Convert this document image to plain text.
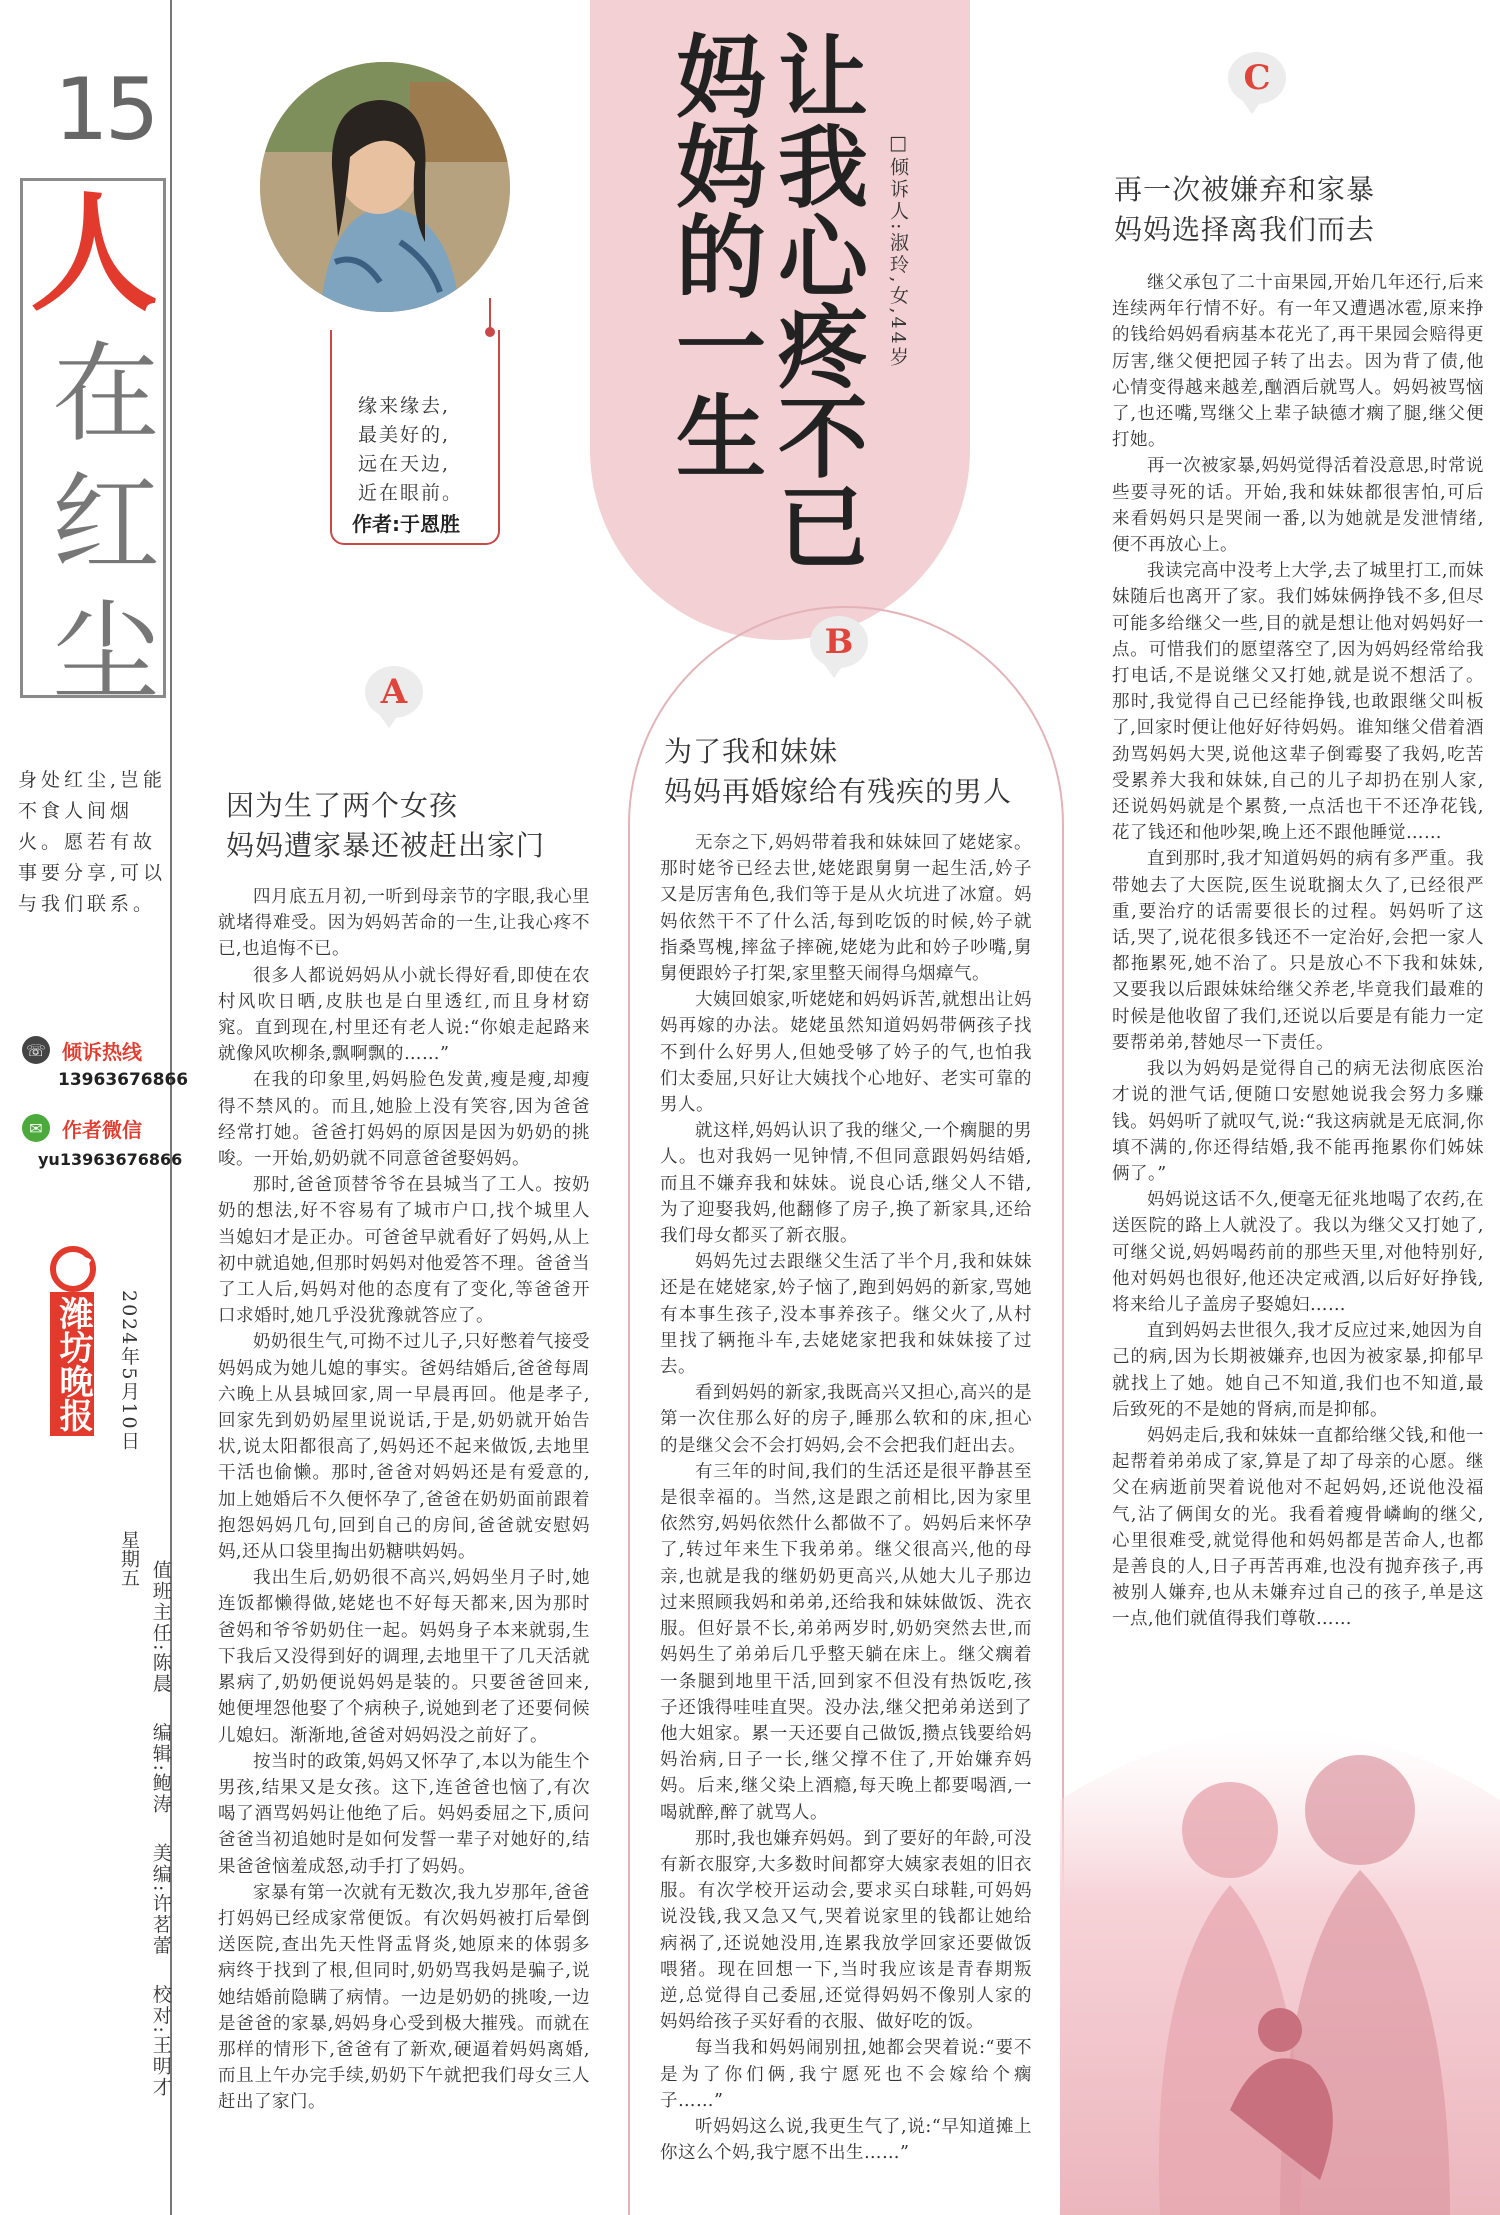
15
人
在红尘
身处红尘,岂能不食人间烟火。愿若有故事要分享,可以与我们联系。
☏ 倾诉热线
13963676866
✉ 作者微信
yu13963676866
潍坊晚报 2024年5月10日
星期五
值班主任:陈晨 编辑:鲍涛 美编:许茗蕾 校对:王明才
缘来缘去,
最美好的,
远在天边,
近在眼前。
作者:于恩胜	让我心疼不已
妈妈的一生	□倾诉人:淑玲,女,44岁
A
因为生了两个女孩
妈妈遭家暴还被赶出家门

四月底五月初,一听到母亲节的字眼,我心里就堵得难受。因为妈妈苦命的一生,让我心疼不已,也追悔不已。

很多人都说妈妈从小就长得好看,即使在农村风吹日晒,皮肤也是白里透红,而且身材窈窕。直到现在,村里还有老人说:“你娘走起路来就像风吹柳条,飘啊飘的……”

在我的印象里,妈妈脸色发黄,瘦是瘦,却瘦得不禁风的。而且,她脸上没有笑容,因为爸爸经常打她。爸爸打妈妈的原因是因为奶奶的挑唆。一开始,奶奶就不同意爸爸娶妈妈。

那时,爸爸顶替爷爷在县城当了工人。按奶奶的想法,好不容易有了城市户口,找个城里人当媳妇才是正办。可爸爸早就看好了妈妈,从上初中就追她,但那时妈妈对他爱答不理。爸爸当了工人后,妈妈对他的态度有了变化,等爸爸开口求婚时,她几乎没犹豫就答应了。

奶奶很生气,可拗不过儿子,只好憋着气接受妈妈成为她儿媳的事实。爸妈结婚后,爸爸每周六晚上从县城回家,周一早晨再回。他是孝子,回家先到奶奶屋里说说话,于是,奶奶就开始告状,说太阳都很高了,妈妈还不起来做饭,去地里干活也偷懒。那时,爸爸对妈妈还是有爱意的,加上她婚后不久便怀孕了,爸爸在奶奶面前跟着抱怨妈妈几句,回到自己的房间,爸爸就安慰妈妈,还从口袋里掏出奶糖哄妈妈。

我出生后,奶奶很不高兴,妈妈坐月子时,她连饭都懒得做,姥姥也不好每天都来,因为那时爸妈和爷爷奶奶住一起。妈妈身子本来就弱,生下我后又没得到好的调理,去地里干了几天活就累病了,奶奶便说妈妈是装的。只要爸爸回来,她便埋怨他娶了个病秧子,说她到老了还要伺候儿媳妇。渐渐地,爸爸对妈妈没之前好了。

按当时的政策,妈妈又怀孕了,本以为能生个男孩,结果又是女孩。这下,连爸爸也恼了,有次喝了酒骂妈妈让他绝了后。妈妈委屈之下,质问爸爸当初追她时是如何发誓一辈子对她好的,结果爸爸恼羞成怒,动手打了妈妈。

家暴有第一次就有无数次,我九岁那年,爸爸打妈妈已经成家常便饭。有次妈妈被打后晕倒送医院,查出先天性肾盂肾炎,她原来的体弱多病终于找到了根,但同时,奶奶骂我妈是骗子,说她结婚前隐瞒了病情。一边是奶奶的挑唆,一边是爸爸的家暴,妈妈身心受到极大摧残。而就在那样的情形下,爸爸有了新欢,硬逼着妈妈离婚,而且上午办完手续,奶奶下午就把我们母女三人赶出了家门。

B
为了我和妹妹
妈妈再婚嫁给有残疾的男人

无奈之下,妈妈带着我和妹妹回了姥姥家。那时姥爷已经去世,姥姥跟舅舅一起生活,妗子又是厉害角色,我们等于是从火坑进了冰窟。妈妈依然干不了什么活,每到吃饭的时候,妗子就指桑骂槐,摔盆子摔碗,姥姥为此和妗子吵嘴,舅舅便跟妗子打架,家里整天闹得乌烟瘴气。

大姨回娘家,听姥姥和妈妈诉苦,就想出让妈妈再嫁的办法。姥姥虽然知道妈妈带俩孩子找不到什么好男人,但她受够了妗子的气,也怕我们太委屈,只好让大姨找个心地好、老实可靠的男人。

就这样,妈妈认识了我的继父,一个瘸腿的男人。也对我妈一见钟情,不但同意跟妈妈结婚,而且不嫌弃我和妹妹。说良心话,继父人不错,为了迎娶我妈,他翻修了房子,换了新家具,还给我们母女都买了新衣服。

妈妈先过去跟继父生活了半个月,我和妹妹还是在姥姥家,妗子恼了,跑到妈妈的新家,骂她有本事生孩子,没本事养孩子。继父火了,从村里找了辆拖斗车,去姥姥家把我和妹妹接了过去。

看到妈妈的新家,我既高兴又担心,高兴的是第一次住那么好的房子,睡那么软和的床,担心的是继父会不会打妈妈,会不会把我们赶出去。

有三年的时间,我们的生活还是很平静甚至是很幸福的。当然,这是跟之前相比,因为家里依然穷,妈妈依然什么都做不了。妈妈后来怀孕了,转过年来生下我弟弟。继父很高兴,他的母亲,也就是我的继奶奶更高兴,从她大儿子那边过来照顾我妈和弟弟,还给我和妹妹做饭、洗衣服。但好景不长,弟弟两岁时,奶奶突然去世,而妈妈生了弟弟后几乎整天躺在床上。继父瘸着一条腿到地里干活,回到家不但没有热饭吃,孩子还饿得哇哇直哭。没办法,继父把弟弟送到了他大姐家。累一天还要自己做饭,攒点钱要给妈妈治病,日子一长,继父撑不住了,开始嫌弃妈妈。后来,继父染上酒瘾,每天晚上都要喝酒,一喝就醉,醉了就骂人。

那时,我也嫌弃妈妈。到了要好的年龄,可没有新衣服穿,大多数时间都穿大姨家表姐的旧衣服。有次学校开运动会,要求买白球鞋,可妈妈说没钱,我又急又气,哭着说家里的钱都让她给病祸了,还说她没用,连累我放学回家还要做饭喂猪。现在回想一下,当时我应该是青春期叛逆,总觉得自己委屈,还觉得妈妈不像别人家的妈妈给孩子买好看的衣服、做好吃的饭。

每当我和妈妈闹别扭,她都会哭着说:“要不是为了你们俩,我宁愿死也不会嫁给个瘸子……”

听妈妈这么说,我更生气了,说:“早知道摊上你这么个妈,我宁愿不出生……”

C
再一次被嫌弃和家暴
妈妈选择离我们而去

继父承包了二十亩果园,开始几年还行,后来连续两年行情不好。有一年又遭遇冰雹,原来挣的钱给妈妈看病基本花光了,再干果园会赔得更厉害,继父便把园子转了出去。因为背了债,他心情变得越来越差,酗酒后就骂人。妈妈被骂恼了,也还嘴,骂继父上辈子缺德才瘸了腿,继父便打她。

再一次被家暴,妈妈觉得活着没意思,时常说些要寻死的话。开始,我和妹妹都很害怕,可后来看妈妈只是哭闹一番,以为她就是发泄情绪,便不再放心上。

我读完高中没考上大学,去了城里打工,而妹妹随后也离开了家。我们姊妹俩挣钱不多,但尽可能多给继父一些,目的就是想让他对妈妈好一点。可惜我们的愿望落空了,因为妈妈经常给我打电话,不是说继父又打她,就是说不想活了。那时,我觉得自己已经能挣钱,也敢跟继父叫板了,回家时便让他好好待妈妈。谁知继父借着酒劲骂妈妈大哭,说他这辈子倒霉娶了我妈,吃苦受累养大我和妹妹,自己的儿子却扔在别人家,还说妈妈就是个累赘,一点活也干不还净花钱,花了钱还和他吵架,晚上还不跟他睡觉……

直到那时,我才知道妈妈的病有多严重。我带她去了大医院,医生说耽搁太久了,已经很严重,要治疗的话需要很长的过程。妈妈听了这话,哭了,说花很多钱还不一定治好,会把一家人都拖累死,她不治了。只是放心不下我和妹妹,又要我以后跟妹妹给继父养老,毕竟我们最难的时候是他收留了我们,还说以后要是有能力一定要帮弟弟,替她尽一下责任。

我以为妈妈是觉得自己的病无法彻底医治才说的泄气话,便随口安慰她说我会努力多赚钱。妈妈听了就叹气,说:“我这病就是无底洞,你填不满的,你还得结婚,我不能再拖累你们姊妹俩了。”

妈妈说这话不久,便毫无征兆地喝了农药,在送医院的路上人就没了。我以为继父又打她了,可继父说,妈妈喝药前的那些天里,对他特别好,他对妈妈也很好,他还决定戒酒,以后好好挣钱,将来给儿子盖房子娶媳妇……

直到妈妈去世很久,我才反应过来,她因为自己的病,因为长期被嫌弃,也因为被家暴,抑郁早就找上了她。她自己不知道,我们也不知道,最后致死的不是她的肾病,而是抑郁。

妈妈走后,我和妹妹一直都给继父钱,和他一起帮着弟弟成了家,算是了却了母亲的心愿。继父在病逝前哭着说他对不起妈妈,还说他没福气,沾了俩闺女的光。我看着瘦骨嶙峋的继父,心里很难受,就觉得他和妈妈都是苦命人,也都是善良的人,日子再苦再难,也没有抛弃孩子,再被别人嫌弃,也从未嫌弃过自己的孩子,单是这一点,他们就值得我们尊敬……
